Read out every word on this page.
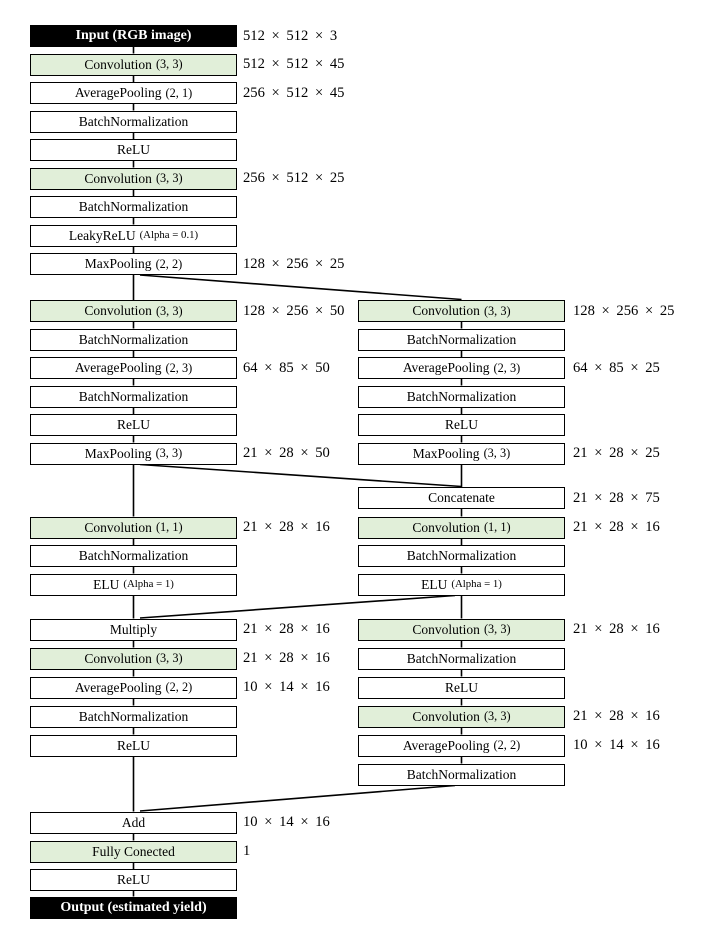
Input (RGB image)	512 × 512 × 3
Convolution (3, 3)	512 × 512 × 45
AveragePooling (2, 1)	256 × 512 × 45
BatchNormalization
ReLU
Convolution (3, 3)	256 × 512 × 25
BatchNormalization
LeakyReLU (Alpha = 0.1)
MaxPooling (2, 2)	128 × 256 × 25
Convolution (3, 3)	128 × 256 × 50
BatchNormalization
AveragePooling (2, 3)	64 × 85 × 50
BatchNormalization
ReLU
MaxPooling (3, 3)	21 × 28 × 50
Convolution (1, 1)	21 × 28 × 16
BatchNormalization
ELU (Alpha = 1)
Multiply	21 × 28 × 16
Convolution (3, 3)	21 × 28 × 16
AveragePooling (2, 2)	10 × 14 × 16
BatchNormalization
ReLU
Add	10 × 14 × 16
Fully Conected	1
ReLU
Output (estimated yield)
Convolution (3, 3)	128 × 256 × 25
BatchNormalization
AveragePooling (2, 3)	64 × 85 × 25
BatchNormalization
ReLU
MaxPooling (3, 3)	21 × 28 × 25
Concatenate	21 × 28 × 75
Convolution (1, 1)	21 × 28 × 16
BatchNormalization
ELU (Alpha = 1)
Convolution (3, 3)	21 × 28 × 16
BatchNormalization
ReLU
Convolution (3, 3)	21 × 28 × 16
AveragePooling (2, 2)	10 × 14 × 16
BatchNormalization
